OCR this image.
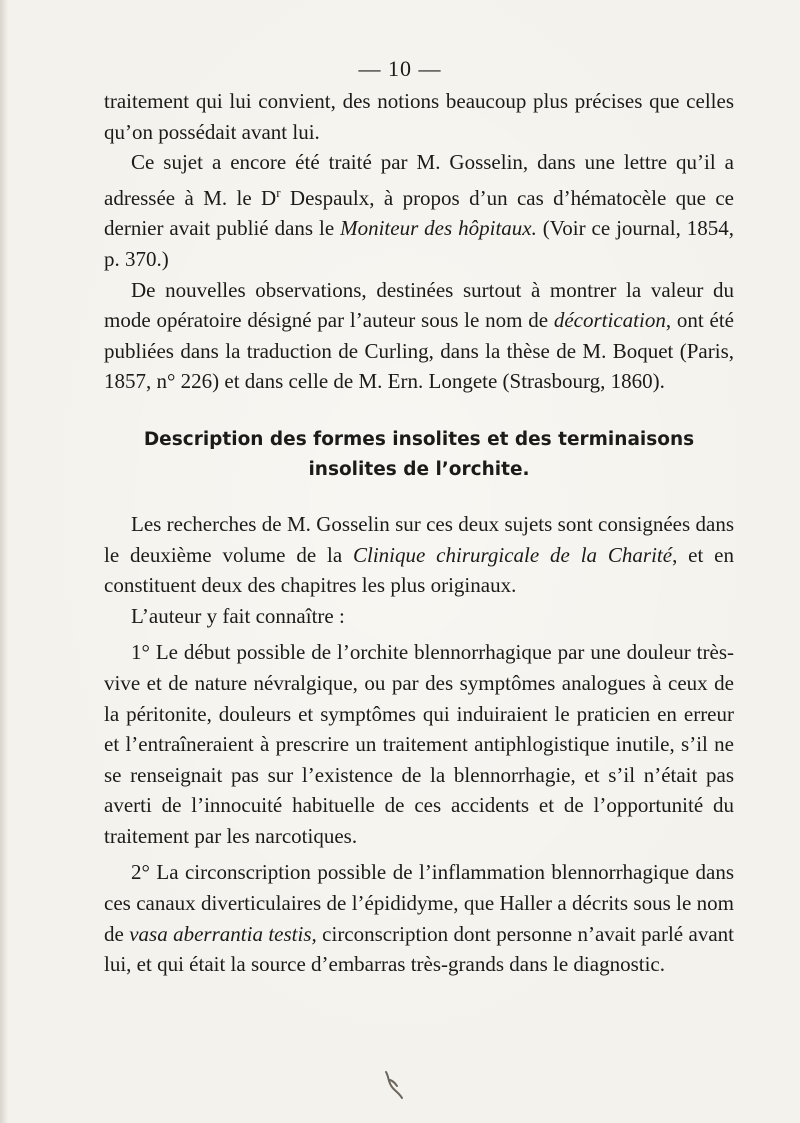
— 10 —

traitement qui lui convient, des notions beaucoup plus précises que celles qu’on possédait avant lui.

Ce sujet a encore été traité par M. Gosselin, dans une lettre qu’il a adressée à M. le $D^r$ Despaulx, à propos d’un cas d’hématocèle que ce dernier avait publié dans le Moniteur des hôpitaux. (Voir ce journal, 1854, p. 370.)

De nouvelles observations, destinées surtout à montrer la valeur du mode opératoire désigné par l’auteur sous le nom de décortication, ont été publiées dans la traduction de Curling, dans la thèse de M. Boquet (Paris, 1857, n° 226) et dans celle de M. Ern. Longete (Strasbourg, 1860).

Description des formes insolites et des terminaisons insolites de l’orchite.

Les recherches de M. Gosselin sur ces deux sujets sont consignées dans le deuxième volume de la Clinique chirurgicale de la Charité, et en constituent deux des chapitres les plus originaux.

L’auteur y fait connaître :

1° Le début possible de l’orchite blennorrhagique par une douleur très-vive et de nature névralgique, ou par des symptômes analogues à ceux de la péritonite, douleurs et symptômes qui induiraient le praticien en erreur et l’entraîneraient à prescrire un traitement antiphlogistique inutile, s’il ne se renseignait pas sur l’existence de la blennorrhagie, et s’il n’était pas averti de l’innocuité habituelle de ces accidents et de l’opportunité du traitement par les narcotiques.

2° La circonscription possible de l’inflammation blennorrhagique dans ces canaux diverticulaires de l’épididyme, que Haller a décrits sous le nom de vasa aberrantia testis, circonscription dont personne n’avait parlé avant lui, et qui était la source d’embarras très-grands dans le diagnostic.
